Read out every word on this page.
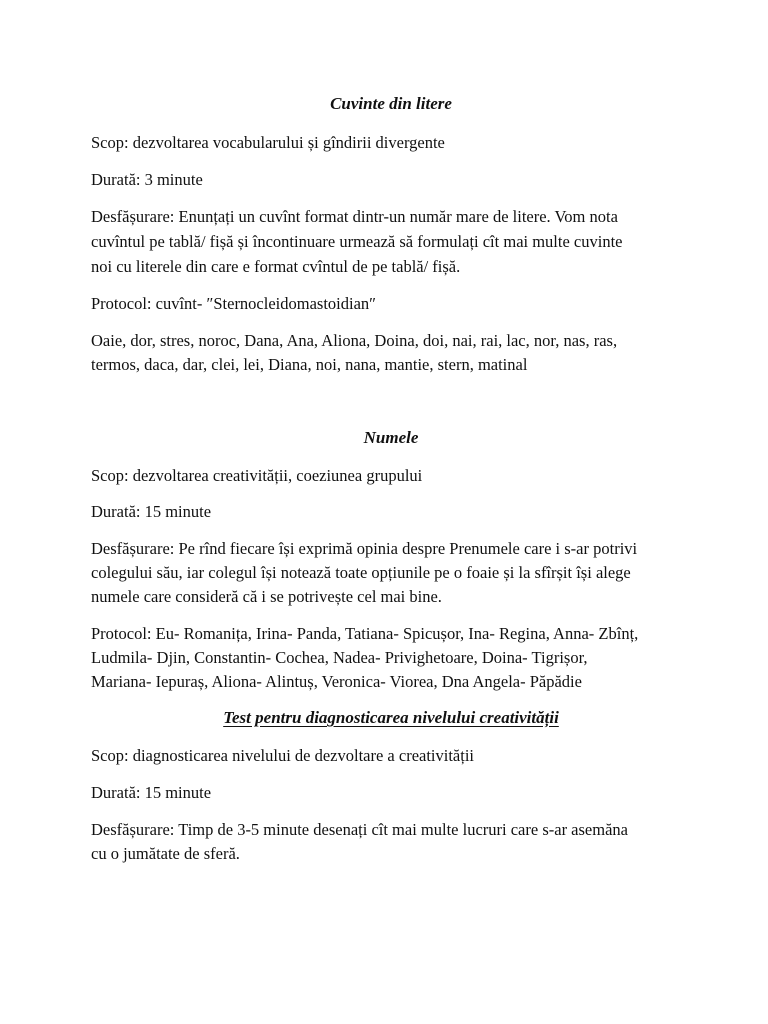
Cuvinte din litere
Scop: dezvoltarea vocabularului și gîndirii divergente
Durată: 3 minute
Desfășurare: Enunțați un cuvînt format dintr-un număr mare de litere. Vom nota
cuvîntul pe tablă/ fișă și încontinuare urmează să formulați cît mai multe cuvinte
noi cu literele din care e format cvîntul de pe tablă/ fișă.
Protocol: cuvînt- ″Sternocleidomastoidian″
Oaie, dor, stres, noroc, Dana, Ana, Aliona, Doina, doi, nai, rai, lac, nor, nas, ras,
termos, daca, dar, clei, lei, Diana, noi, nana, mantie, stern, matinal
Numele
Scop: dezvoltarea creativității, coeziunea grupului
Durată: 15 minute
Desfășurare: Pe rînd fiecare își exprimă opinia despre Prenumele care i s-ar potrivi
colegului său, iar colegul își notează toate opțiunile pe o foaie și la sfîrșit își alege
numele care consideră că i se potrivește cel mai bine.
Protocol: Eu- Romanița, Irina- Panda, Tatiana- Spicușor, Ina- Regina, Anna- Zbînț,
Ludmila- Djin, Constantin- Cochea, Nadea- Privighetoare, Doina- Tigrișor,
Mariana- Iepuraș, Aliona- Alintuș, Veronica- Viorea, Dna Angela- Păpădie
Test pentru diagnosticarea nivelului creativității
Scop: diagnosticarea nivelului de dezvoltare a creativității
Durată: 15 minute
Desfășurare: Timp de 3-5 minute desenați cît mai multe lucruri care s-ar asemăna
cu o jumătate de sferă.
